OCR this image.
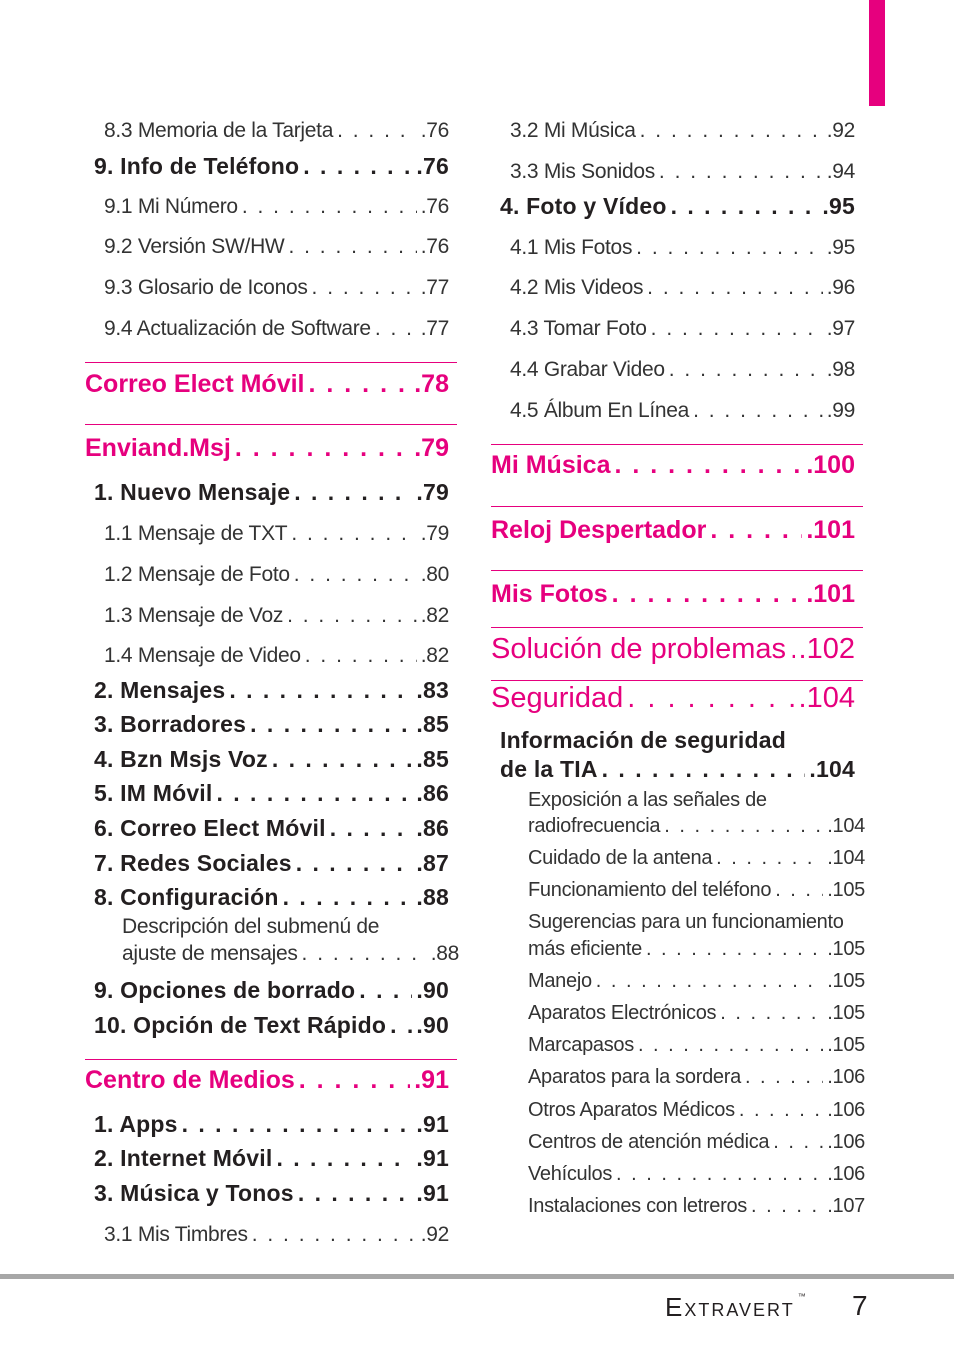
8.3 Memoria de la Tarjeta . . .	.76
9. Info de Teléfono . . .	.76
9.1 Mi Número . . .	.76
9.2 Versión SW/HW . . .	.76
9.3 Glosario de Iconos . . .	.77
9.4 Actualización de Software . . . .77
Correo Elect Móvil . . .	.78
Enviand.Msj . . .	.79
1. Nuevo Mensaje . . .	.79
1.1 Mensaje de TXT . . .	.79
1.2 Mensaje de Foto . . .	.80
1.3 Mensaje de Voz . . .	.82
1.4 Mensaje de Video . . .	.82
2. Mensajes . . .	.83
3. Borradores . . .	.85
4. Bzn Msjs Voz . . .	.85
5. IM Móvil . . .	.86
6. Correo Elect Móvil . . .	.86
7. Redes Sociales . . .	.87
8. Configuración . . .	.88
Descripción del submenú de
ajuste de mensajes . . .	.88
9. Opciones de borrado . . .	.90
10. Opción de Text Rápido . . . .90
Centro de Medios . . .	.91
1. Apps . . .	.91
2. Internet Móvil . . .	.91
3. Música y Tonos . . .	.91
3.1 Mis Timbres . . .	.92
3.2 Mi Música . . .	.92
3.3 Mis Sonidos . . .	.94
4. Foto y Vídeo . . .	.95
4.1 Mis Fotos . . .	.95
4.2 Mis Videos . . .	.96
4.3 Tomar Foto . . .	.97
4.4 Grabar Video . . .	.98
4.5 Álbum En Línea . . .	.99
Mi Música . . .	.100
Reloj Despertador . . .	.101
Mis Fotos . . .	.101
Solución de problemas . . . .102
Seguridad . . .	.104
Información de seguridad
de la TIA . . .	.104
Exposición a las señales de
radiofrecuencia . . .	.104
Cuidado de la antena . . .	.104
Funcionamiento del teléfono . . .	.105
Sugerencias para un funcionamiento
más eficiente . . .	.105
Manejo . . .	.105
Aparatos Electrónicos . . .	.105
Marcapasos . . .	.105
Aparatos para la sordera . . .	.106
Otros Aparatos Médicos . . .	.106
Centros de atención médica . . .	.106
Vehículos . . .	.106
Instalaciones con letreros . . .	.107
Extravert ™ 7
